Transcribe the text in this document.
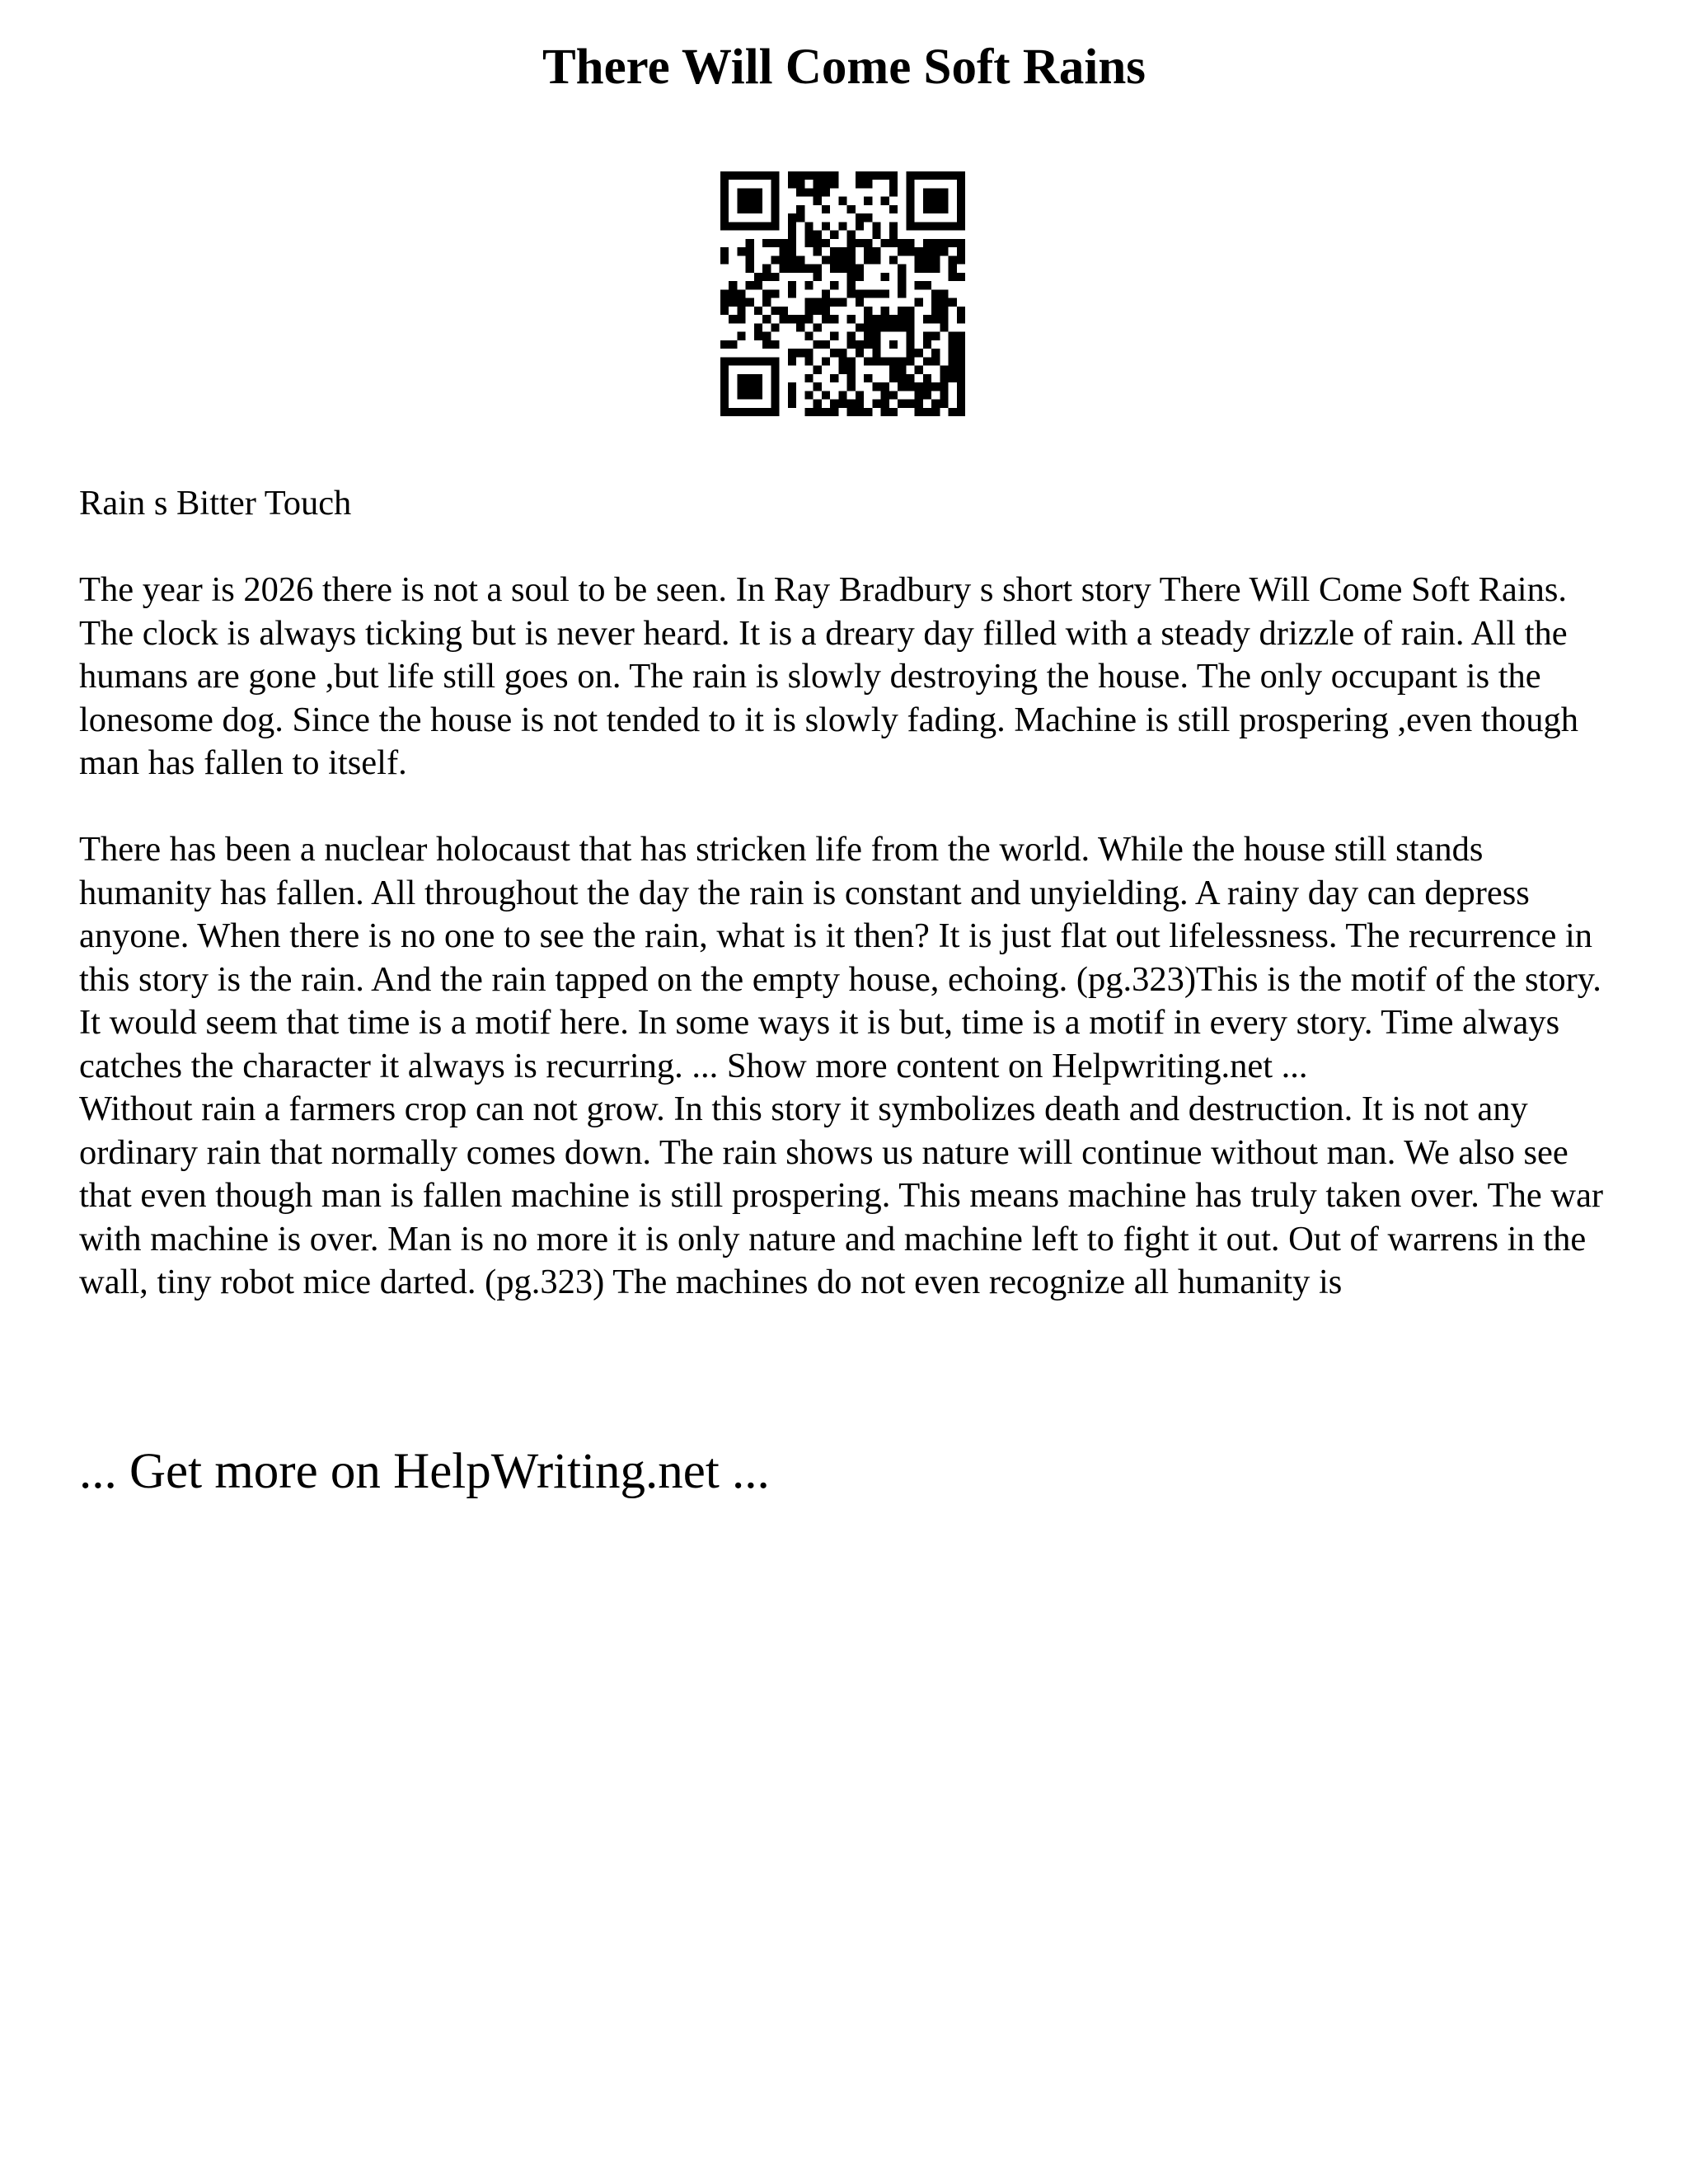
There Will Come Soft Rains

Rain s Bitter Touch

The year is 2026 there is not a soul to be seen. In Ray Bradbury s short story There Will Come Soft Rains. The clock is always ticking but is never heard. It is a dreary day filled with a steady drizzle of rain. All the humans are gone ,but life still goes on. The rain is slowly destroying the house. The only occupant is the lonesome dog. Since the house is not tended to it is slowly fading. Machine is still prospering ,even though man has fallen to itself.

There has been a nuclear holocaust that has stricken life from the world. While the house still stands humanity has fallen. All throughout the day the rain is constant and unyielding. A rainy day can depress anyone. When there is no one to see the rain, what is it then? It is just flat out lifelessness. The recurrence in this story is the rain. And the rain tapped on the empty house, echoing. (pg.323)This is the motif of the story. It would seem that time is a motif here. In some ways it is but, time is a motif in every story. Time always catches the character it always is recurring. ... Show more content on Helpwriting.net ...

Without rain a farmers crop can not grow. In this story it symbolizes death and destruction. It is not any ordinary rain that normally comes down. The rain shows us nature will continue without man. We also see that even though man is fallen machine is still prospering. This means machine has truly taken over. The war with machine is over. Man is no more it is only nature and machine left to fight it out. Out of warrens in the wall, tiny robot mice darted. (pg.323) The machines do not even recognize all humanity is

... Get more on HelpWriting.net ...
